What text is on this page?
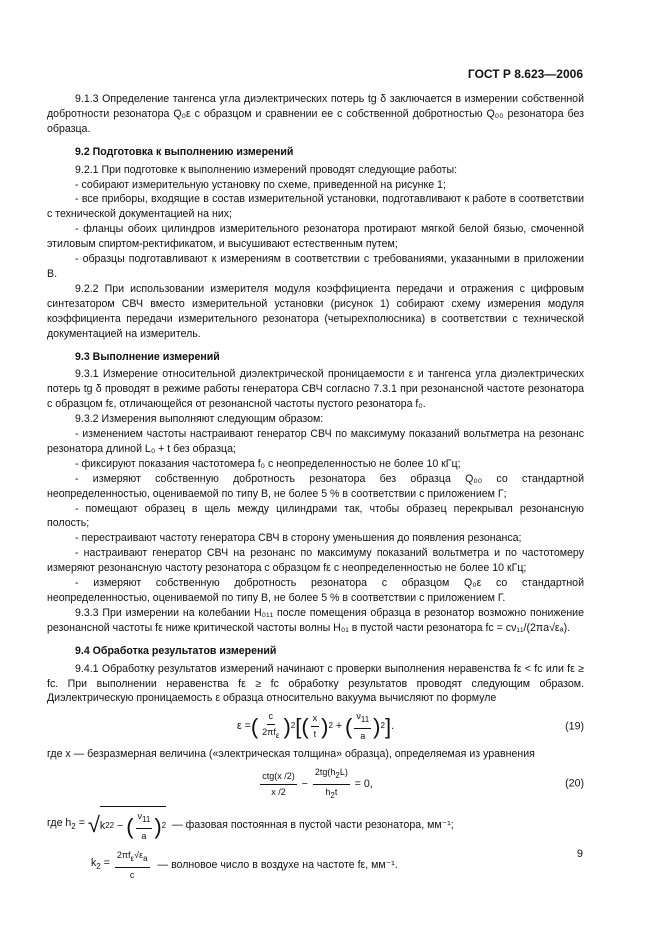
ГОСТ Р 8.623—2006

9.1.3 Определение тангенса угла диэлектрических потерь tg δ заключается в измерении собственной добротности резонатора Q₀ε с образцом и сравнении ее с собственной добротностью Q₀₀ резонатора без образца.

9.2 Подготовка к выполнению измерений

9.2.1 При подготовке к выполнению измерений проводят следующие работы:

- собирают измерительную установку по схеме, приведенной на рисунке 1;

- все приборы, входящие в состав измерительной установки, подготавливают к работе в соответствии с технической документацией на них;

- фланцы обоих цилиндров измерительного резонатора протирают мягкой белой бязью, смоченной этиловым спиртом-ректификатом, и высушивают естественным путем;

- образцы подготавливают к измерениям в соответствии с требованиями, указанными в приложении В.

9.2.2 При использовании измерителя модуля коэффициента передачи и отражения с цифровым синтезатором СВЧ вместо измерительной установки (рисунок 1) собирают схему измерения модуля коэффициента передачи измерительного резонатора (четырехполюсника) в соответствии с технической документацией на измеритель.

9.3 Выполнение измерений

9.3.1 Измерение относительной диэлектрической проницаемости ε и тангенса угла диэлектрических потерь tg δ проводят в режиме работы генератора СВЧ согласно 7.3.1 при резонансной частоте резонатора с образцом fε, отличающейся от резонансной частоты пустого резонатора f₀.

9.3.2 Измерения выполняют следующим образом:

- изменением частоты настраивают генератор СВЧ по максимуму показаний вольтметра на резонанс резонатора длиной L₀ + t без образца;

- фиксируют показания частотомера f₀ с неопределенностью не более 10 кГц;

- измеряют собственную добротность резонатора без образца Q₀₀ со стандартной неопределенностью, оцениваемой по типу В, не более 5 % в соответствии с приложением Г;

- помещают образец в щель между цилиндрами так, чтобы образец перекрывал резонансную полость;

- перестраивают частоту генератора СВЧ в сторону уменьшения до появления резонанса;

- настраивают генератор СВЧ на резонанс по максимуму показаний вольтметра и по частотомеру измеряют резонансную частоту резонатора с образцом fε с неопределенностью не более 10 кГц;

- измеряют собственную добротность резонатора с образцом Q₀ε со стандартной неопределенностью, оцениваемой по типу В, не более 5 % в соответствии с приложением Г.

9.3.3 При измерении на колебании H₀₁₁ после помещения образца в резонатор возможно понижение резонансной частоты fε ниже критической частоты волны H₀₁ в пустой части резонатора fc = cν₁₁/(2πa√εₐ).

9.4 Обработка результатов измерений

9.4.1 Обработку результатов измерений начинают с проверки выполнения неравенства fε < fc или fε ≥ fc. При выполнении неравенства fε ≥ fc обработку результатов проводят следующим образом. Диэлектрическую проницаемость ε образца относительно вакуума вычисляют по формуле

ε = ( $\frac{c}{\text{2πfε}}$ ) 2 [ ( $\frac{x}{t}$ ) 2 + ( $\frac{\nu 11}{a}$ ) 2 ] .	(19)

где x — безразмерная величина («электрическая толщина» образца), определяемая из уравнения

$\frac{\text{ctg(x /2)}}{x /2} - \frac{2tg(h2L)}{h2t} = 0$,	(20)
где $h_2$ = √ k 2 2 − ( $\frac{\nu 11}{a}$ ) 2 — фазовая постоянная в пустой части резонатора, мм⁻¹;
$k_2 = \frac{\text{2πfε√εa}}{c}$ — волновое число в воздухе на частоте fε, мм⁻¹.
9
